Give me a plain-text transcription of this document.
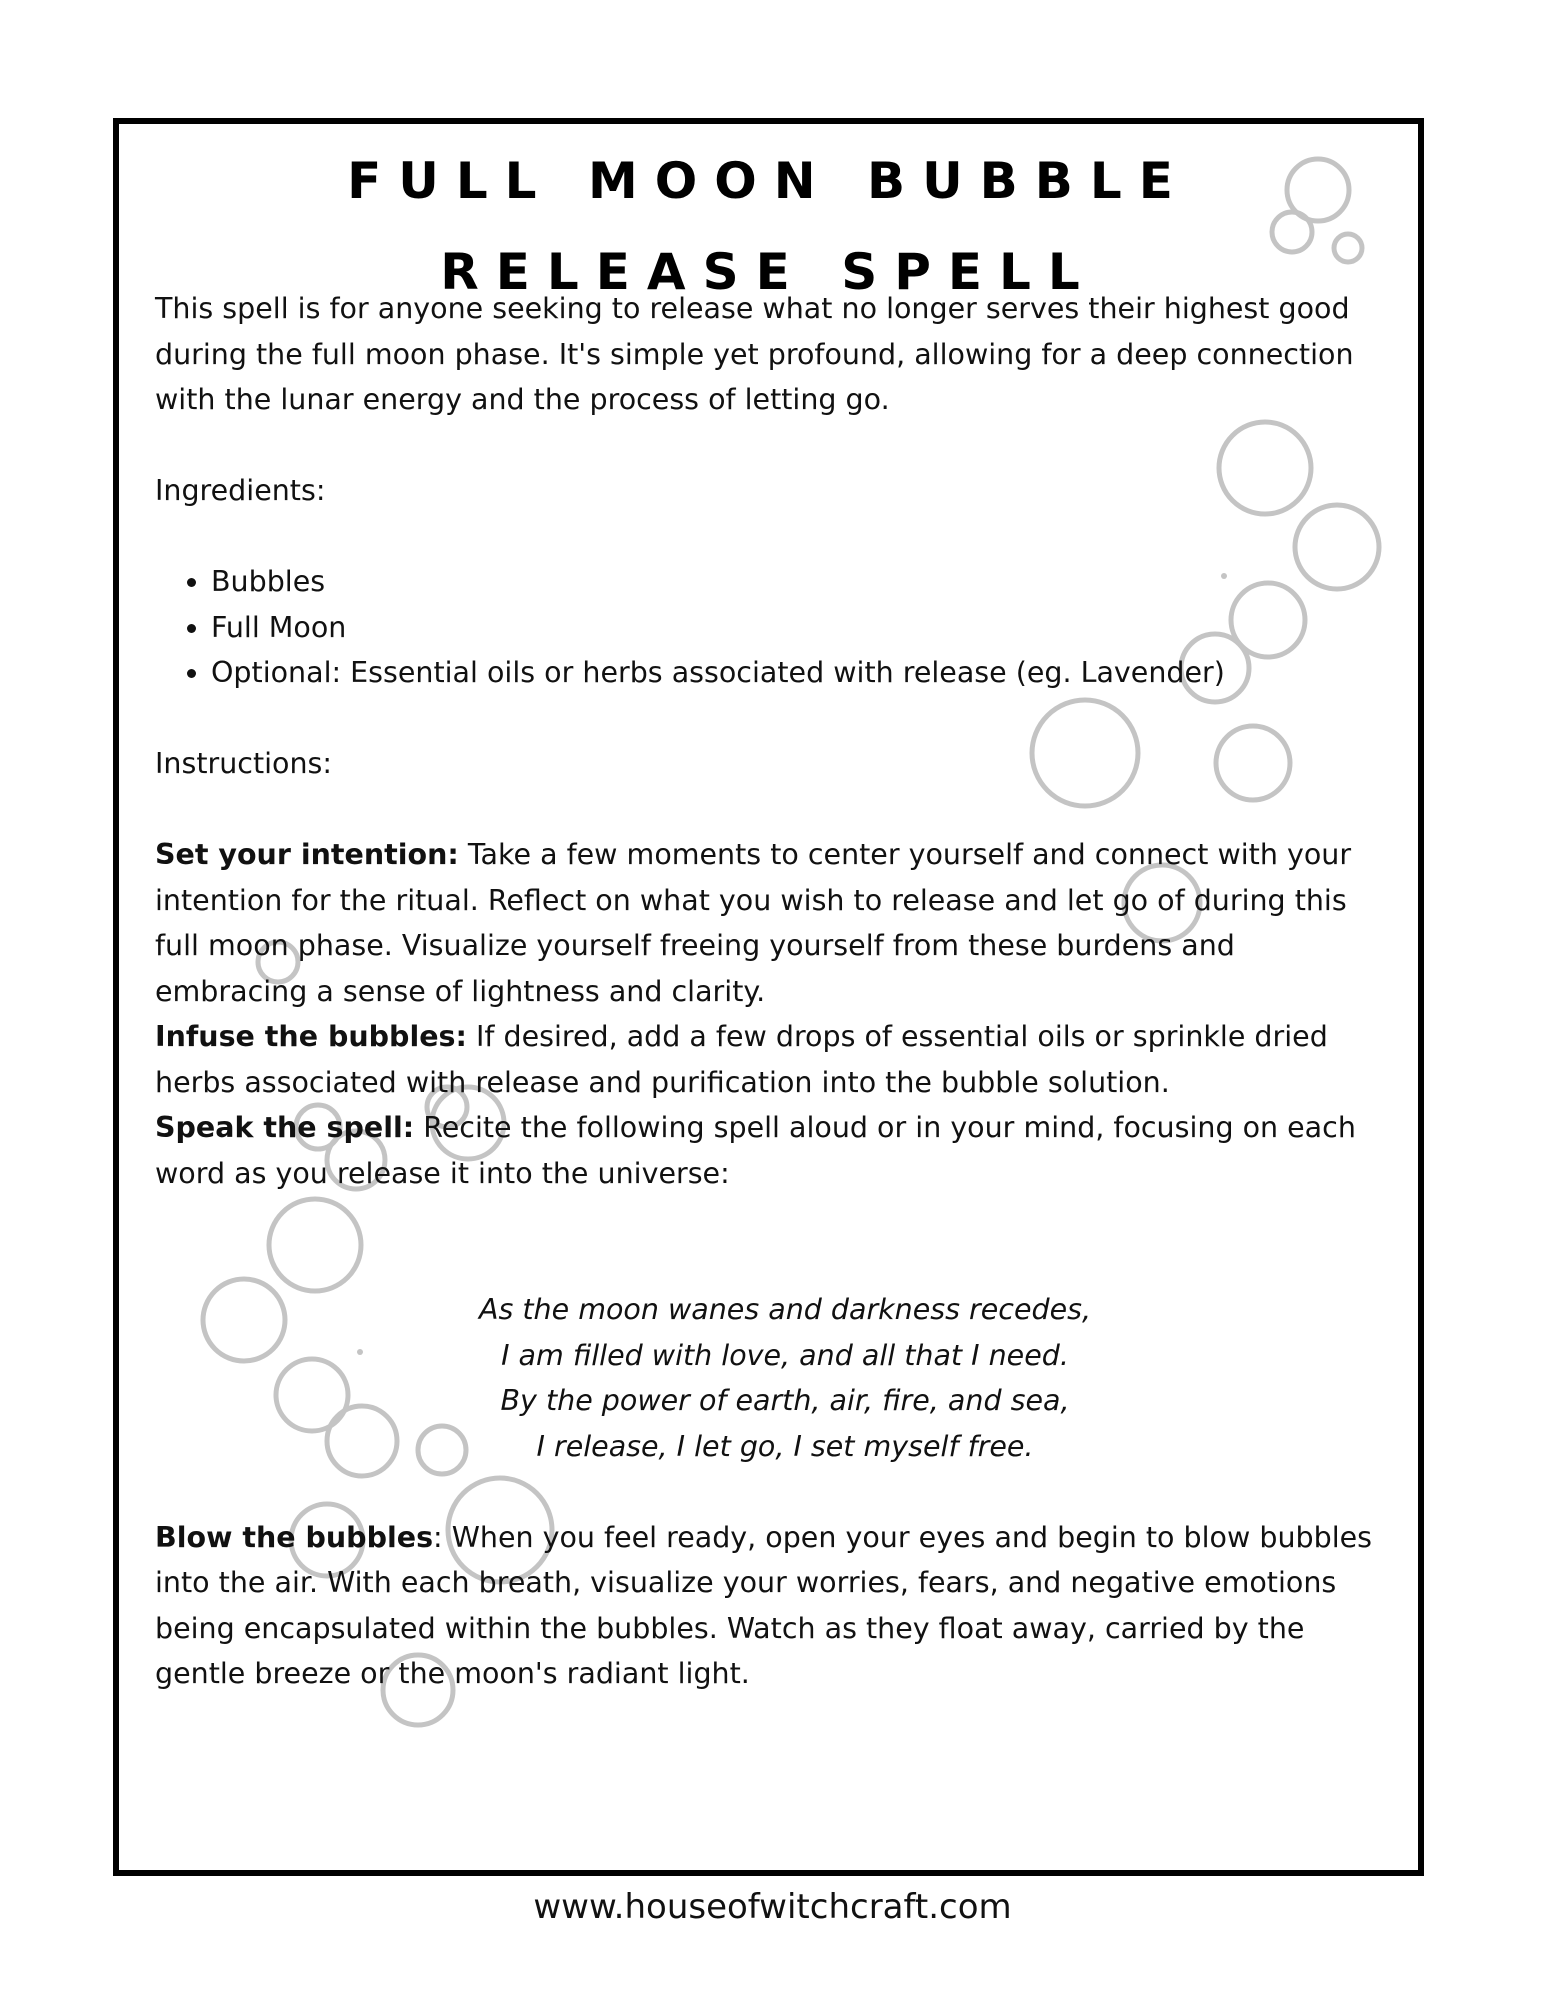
FULL MOON BUBBLE
RELEASE SPELL

This spell is for anyone seeking to release what no longer serves their highest good during the full moon phase. It's simple yet profound, allowing for a deep connection with the lunar energy and the process of letting go.

Ingredients:

• Bubbles
• Full Moon
• Optional: Essential oils or herbs associated with release (eg. Lavender)

Instructions:

Set your intention: Take a few moments to center yourself and connect with your intention for the ritual. Reflect on what you wish to release and let go of during this full moon phase. Visualize yourself freeing yourself from these burdens and embracing a sense of lightness and clarity.

Infuse the bubbles: If desired, add a few drops of essential oils or sprinkle dried herbs associated with release and purification into the bubble solution.

Speak the spell: Recite the following spell aloud or in your mind, focusing on each word as you release it into the universe:

As the moon wanes and darkness recedes,

I am filled with love, and all that I need.

By the power of earth, air, fire, and sea,

I release, I let go, I set myself free.

Blow the bubbles: When you feel ready, open your eyes and begin to blow bubbles into the air. With each breath, visualize your worries, fears, and negative emotions being encapsulated within the bubbles. Watch as they float away, carried by the gentle breeze or the moon's radiant light.

www.houseofwitchcraft.com
